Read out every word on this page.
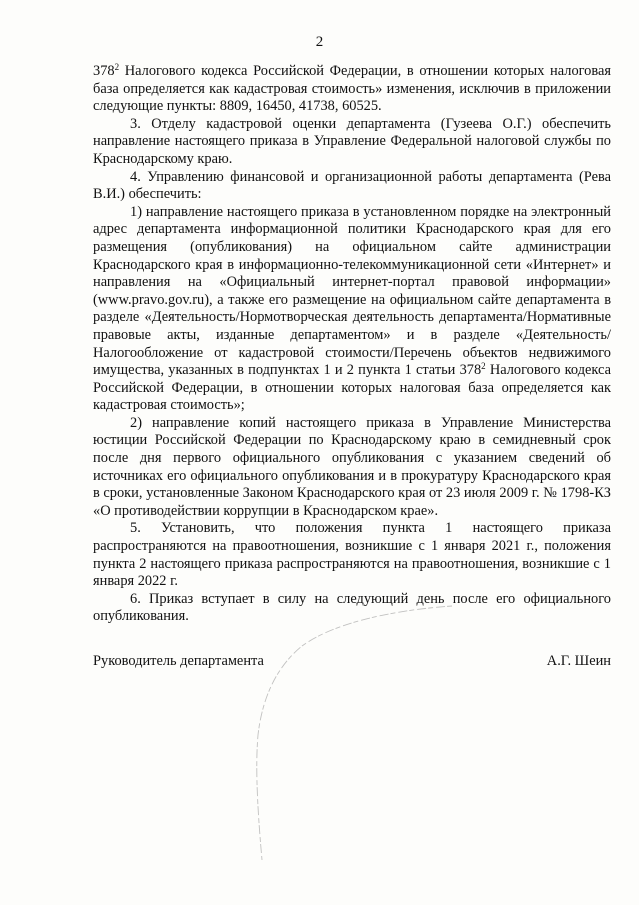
2

$378^2$ Налогового кодекса Российской Федерации, в отношении которых налоговая база определяется как кадастровая стоимость» изменения, исключив в приложении следующие пункты: 8809, 16450, 41738, 60525.

3. Отделу кадастровой оценки департамента (Гузеева О.Г.) обеспечить направление настоящего приказа в Управление Федеральной налоговой службы по Краснодарскому краю.

4. Управлению финансовой и организационной работы департамента (Рева В.И.) обеспечить:

1) направление настоящего приказа в установленном порядке на электронный адрес департамента информационной политики Краснодарского края для его размещения (опубликования) на официальном сайте администрации Краснодарского края в информационно-телекоммуникационной сети «Интернет» и направления на «Официальный интернет-портал правовой информации» (www.pravo.gov.ru), а также его размещение на официальном сайте департамента в разделе «Деятельность/Нормотворческая деятельность департамента/Нормативные правовые акты, изданные департаментом» и в разделе «Деятельность/Налогообложение от кадастровой стоимости/Перечень объектов недвижимого имущества, указанных в подпунктах 1 и 2 пункта 1 статьи $378^2$ Налогового кодекса Российской Федерации, в отношении которых налоговая база определяется как кадастровая стоимость»;

2) направление копий настоящего приказа в Управление Министерства юстиции Российской Федерации по Краснодарскому краю в семидневный срок после дня первого официального опубликования с указанием сведений об источниках его официального опубликования и в прокуратуру Краснодарского края в сроки, установленные Законом Краснодарского края от 23 июля 2009 г. № 1798-КЗ «О противодействии коррупции в Краснодарском крае».

5. Установить, что положения пункта 1 настоящего приказа распространяются на правоотношения, возникшие с 1 января 2021 г., положения пункта 2 настоящего приказа распространяются на правоотношения, возникшие с 1 января 2022 г.

6. Приказ вступает в силу на следующий день после его официального опубликования.

Руководитель департамента	А.Г. Шеин
